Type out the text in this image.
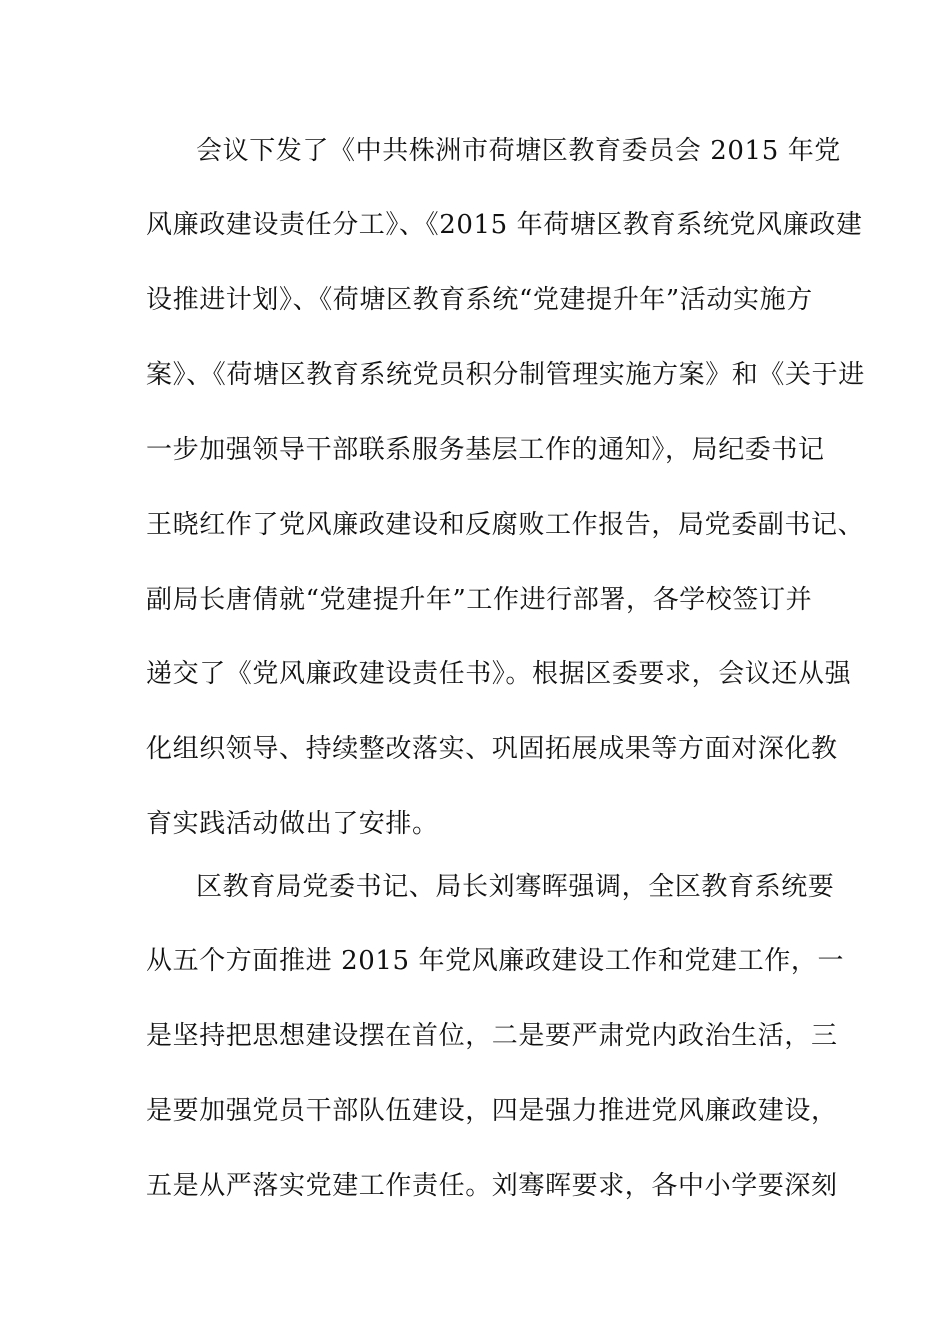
会议下发了《中共株洲市荷塘区教育委员会 2015 年党
风廉政建设责任分工》、《2015 年荷塘区教育系统党风廉政建
设推进计划》、《荷塘区教育系统“党建提升年”活动实施方
案》、《荷塘区教育系统党员积分制管理实施方案》和《关于进
一步加强领导干部联系服务基层工作的通知》，局纪委书记
王晓红作了党风廉政建设和反腐败工作报告，局党委副书记、
副局长唐倩就“党建提升年”工作进行部署，各学校签订并
递交了《党风廉政建设责任书》。根据区委要求，会议还从强
化组织领导、持续整改落实、巩固拓展成果等方面对深化教
育实践活动做出了安排。
区教育局党委书记、局长刘骞晖强调，全区教育系统要
从五个方面推进 2015 年党风廉政建设工作和党建工作，一
是坚持把思想建设摆在首位，二是要严肃党内政治生活，三
是要加强党员干部队伍建设，四是强力推进党风廉政建设，
五是从严落实党建工作责任。刘骞晖要求，各中小学要深刻
